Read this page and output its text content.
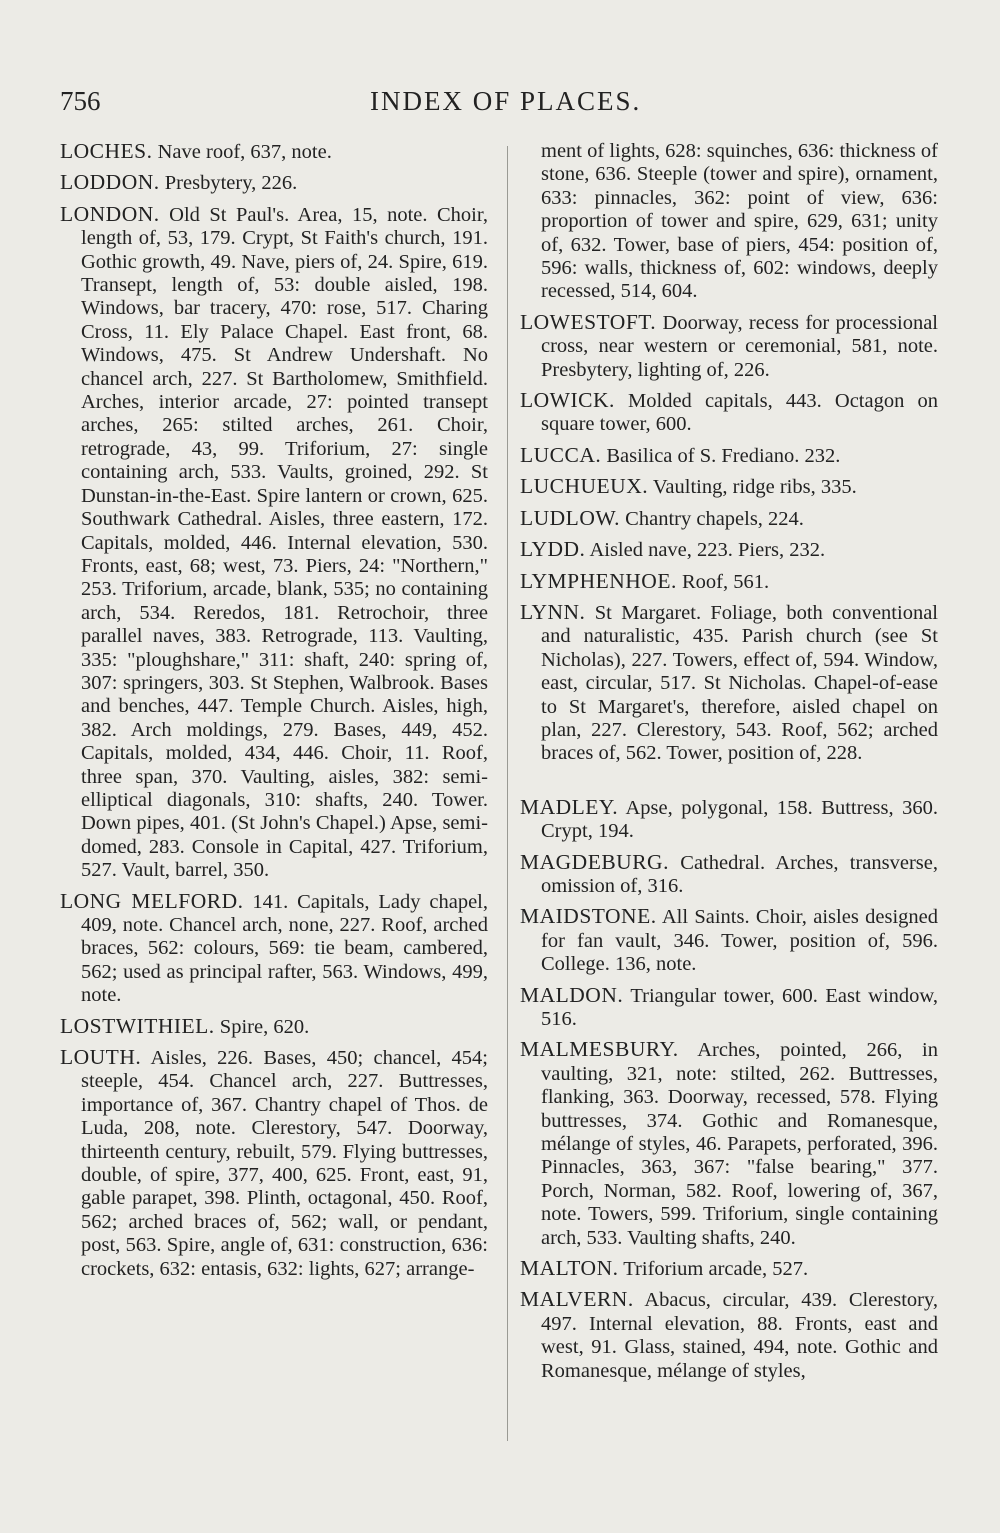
756	INDEX OF PLACES.

LOCHES. Nave roof, 637, note.

LODDON. Presbytery, 226.

LONDON. Old St Paul's. Area, 15, note. Choir, length of, 53, 179. Crypt, St Faith's church, 191. Gothic growth, 49. Nave, piers of, 24. Spire, 619. Transept, length of, 53: double aisled, 198. Windows, bar tracery, 470: rose, 517. Charing Cross, 11. Ely Palace Chapel. East front, 68. Windows, 475. St Andrew Undershaft. No chancel arch, 227. St Bartholomew, Smithfield. Arches, interior arcade, 27: pointed transept arches, 265: stilted arches, 261. Choir, retrograde, 43, 99. Triforium, 27: single containing arch, 533. Vaults, groined, 292. St Dunstan-in-the-East. Spire lantern or crown, 625. Southwark Cathedral. Aisles, three eastern, 172. Capitals, molded, 446. Internal elevation, 530. Fronts, east, 68; west, 73. Piers, 24: "Northern," 253. Triforium, arcade, blank, 535; no containing arch, 534. Reredos, 181. Retrochoir, three parallel naves, 383. Retrograde, 113. Vaulting, 335: "ploughshare," 311: shaft, 240: spring of, 307: springers, 303. St Stephen, Walbrook. Bases and benches, 447. Temple Church. Aisles, high, 382. Arch moldings, 279. Bases, 449, 452. Capitals, molded, 434, 446. Choir, 11. Roof, three span, 370. Vaulting, aisles, 382: semi-elliptical diagonals, 310: shafts, 240. Tower. Down pipes, 401. (St John's Chapel.) Apse, semi-domed, 283. Console in Capital, 427. Triforium, 527. Vault, barrel, 350.

LONG MELFORD. 141. Capitals, Lady chapel, 409, note. Chancel arch, none, 227. Roof, arched braces, 562: colours, 569: tie beam, cambered, 562; used as principal rafter, 563. Windows, 499, note.

LOSTWITHIEL. Spire, 620.

LOUTH. Aisles, 226. Bases, 450; chancel, 454; steeple, 454. Chancel arch, 227. Buttresses, importance of, 367. Chantry chapel of Thos. de Luda, 208, note. Clerestory, 547. Doorway, thirteenth century, rebuilt, 579. Flying buttresses, double, of spire, 377, 400, 625. Front, east, 91, gable parapet, 398. Plinth, octagonal, 450. Roof, 562; arched braces of, 562; wall, or pendant, post, 563. Spire, angle of, 631: construction, 636: crockets, 632: entasis, 632: lights, 627; arrange-

ment of lights, 628: squinches, 636: thickness of stone, 636. Steeple (tower and spire), ornament, 633: pinnacles, 362: point of view, 636: proportion of tower and spire, 629, 631; unity of, 632. Tower, base of piers, 454: position of, 596: walls, thickness of, 602: windows, deeply recessed, 514, 604.

LOWESTOFT. Doorway, recess for processional cross, near western or ceremonial, 581, note. Presbytery, lighting of, 226.

LOWICK. Molded capitals, 443. Octagon on square tower, 600.

LUCCA. Basilica of S. Frediano. 232.

LUCHUEUX. Vaulting, ridge ribs, 335.

LUDLOW. Chantry chapels, 224.

LYDD. Aisled nave, 223. Piers, 232.

LYMPHENHOE. Roof, 561.

LYNN. St Margaret. Foliage, both conventional and naturalistic, 435. Parish church (see St Nicholas), 227. Towers, effect of, 594. Window, east, circular, 517. St Nicholas. Chapel-of-ease to St Margaret's, therefore, aisled chapel on plan, 227. Clerestory, 543. Roof, 562; arched braces of, 562. Tower, position of, 228.

MADLEY. Apse, polygonal, 158. Buttress, 360. Crypt, 194.

MAGDEBURG. Cathedral. Arches, transverse, omission of, 316.

MAIDSTONE. All Saints. Choir, aisles designed for fan vault, 346. Tower, position of, 596. College. 136, note.

MALDON. Triangular tower, 600. East window, 516.

MALMESBURY. Arches, pointed, 266, in vaulting, 321, note: stilted, 262. Buttresses, flanking, 363. Doorway, recessed, 578. Flying buttresses, 374. Gothic and Romanesque, mélange of styles, 46. Parapets, perforated, 396. Pinnacles, 363, 367: "false bearing," 377. Porch, Norman, 582. Roof, lowering of, 367, note. Towers, 599. Triforium, single containing arch, 533. Vaulting shafts, 240.

MALTON. Triforium arcade, 527.

MALVERN. Abacus, circular, 439. Clerestory, 497. Internal elevation, 88. Fronts, east and west, 91. Glass, stained, 494, note. Gothic and Romanesque, mélange of styles,
